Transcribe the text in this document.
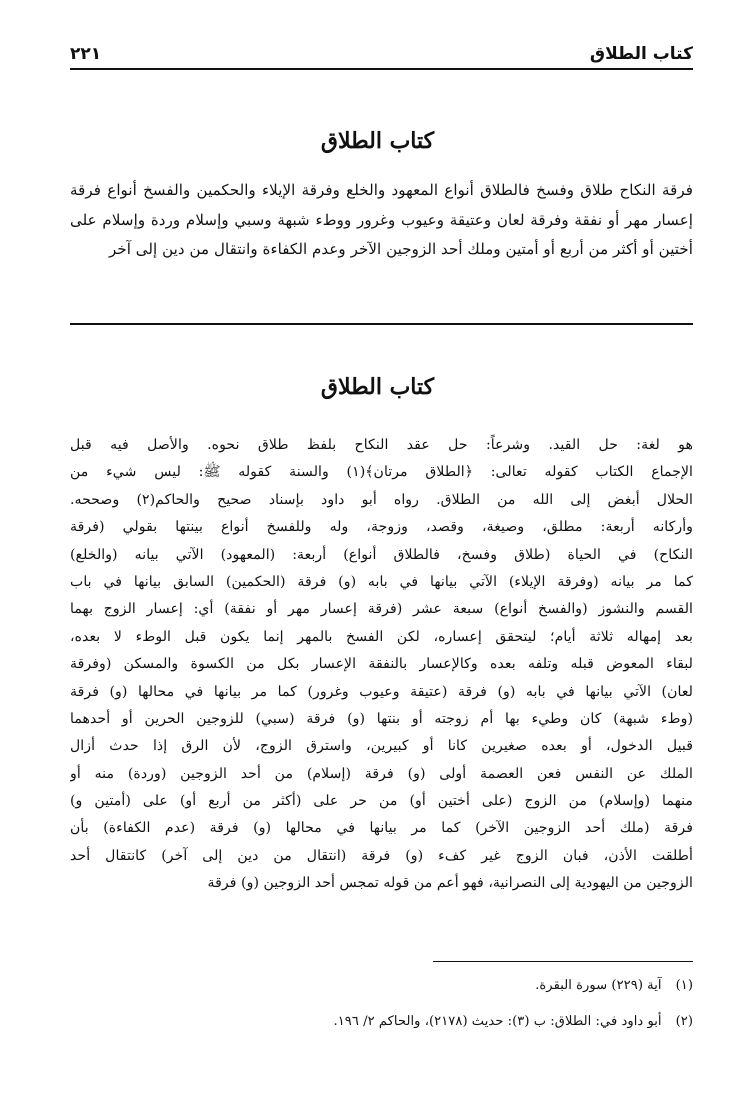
كتاب الطلاق
٢٢١
كتاب الطلاق
فرقة النكاح طلاق وفسخ فالطلاق أنواع المعهود والخلع وفرقة الإيلاء والحكمين والفسخ أنواع فرقة إعسار مهر أو نفقة وفرقة لعان وعتيقة وعيوب وغرور ووطء شبهة وسبي وإسلام وردة وإسلام على أختين أو أكثر من أربع أو أمتين وملك أحد الزوجين الآخر وعدم الكفاءة وانتقال من دين إلى آخر
كتاب الطلاق
هو لغة: حل القيد. وشرعاً: حل عقد النكاح بلفظ طلاق نحوه. والأصل فيه قبل
الإجماع الكتاب كقوله تعالى: ﴿الطلاق مرتان﴾(١) والسنة كقوله ﷺ: ليس شيء من
الحلال أبغض إلى الله من الطلاق. رواه أبو داود بإسناد صحيح والحاكم(٢) وصححه.
وأركانه أربعة: مطلق، وصيغة، وقصد، وزوجة، وله وللفسخ أنواع بينتها بقولي (فرقة
النكاح) في الحياة (طلاق وفسخ، فالطلاق أنواع) أربعة: (المعهود) الآتي بيانه (والخلع)
كما مر بيانه (وفرقة الإيلاء) الآتي بيانها في بابه (و) فرقة (الحكمين) السابق بيانها في باب
القسم والنشوز (والفسخ أنواع) سبعة عشر (فرقة إعسار مهر أو نفقة) أي: إعسار الزوج بهما
بعد إمهاله ثلاثة أيام؛ ليتحقق إعساره، لكن الفسخ بالمهر إنما يكون قبل الوطء لا بعده،
لبقاء المعوض قبله وتلفه بعده وكالإعسار بالنفقة الإعسار بكل من الكسوة والمسكن (وفرقة
لعان) الآتي بيانها في بابه (و) فرقة (عتيقة وعيوب وغرور) كما مر بيانها في محالها (و) فرقة
(وطء شبهة) كان وطيء بها أم زوجته أو بنتها (و) فرقة (سبي) للزوجين الحرين أو أحدهما
قبيل الدخول، أو بعده صغيرين كانا أو كبيرين، واسترق الزوج، لأن الرق إذا حدث أزال
الملك عن النفس فعن العصمة أولى (و) فرقة (إسلام) من أحد الزوجين (وردة) منه أو
منهما (وإسلام) من الزوج (على أختين أو) من حر على (أكثر من أربع أو) على (أمتين و)
فرقة (ملك أحد الزوجين الآخر) كما مر بيانها في محالها (و) فرقة (عدم الكفاءة) بأن
أطلقت الأذن، فبان الزوج غير كفء (و) فرقة (انتقال من دين إلى آخر) كانتقال أحد
الزوجين من اليهودية إلى النصرانية، فهو أعم من قوله تمجس أحد الزوجين (و) فرقة
(١)آية (٢٢٩) سورة البقرة.
(٢)أبو داود في: الطلاق: ب (٣): حديث (٢١٧٨)، والحاكم ٢/ ١٩٦.
